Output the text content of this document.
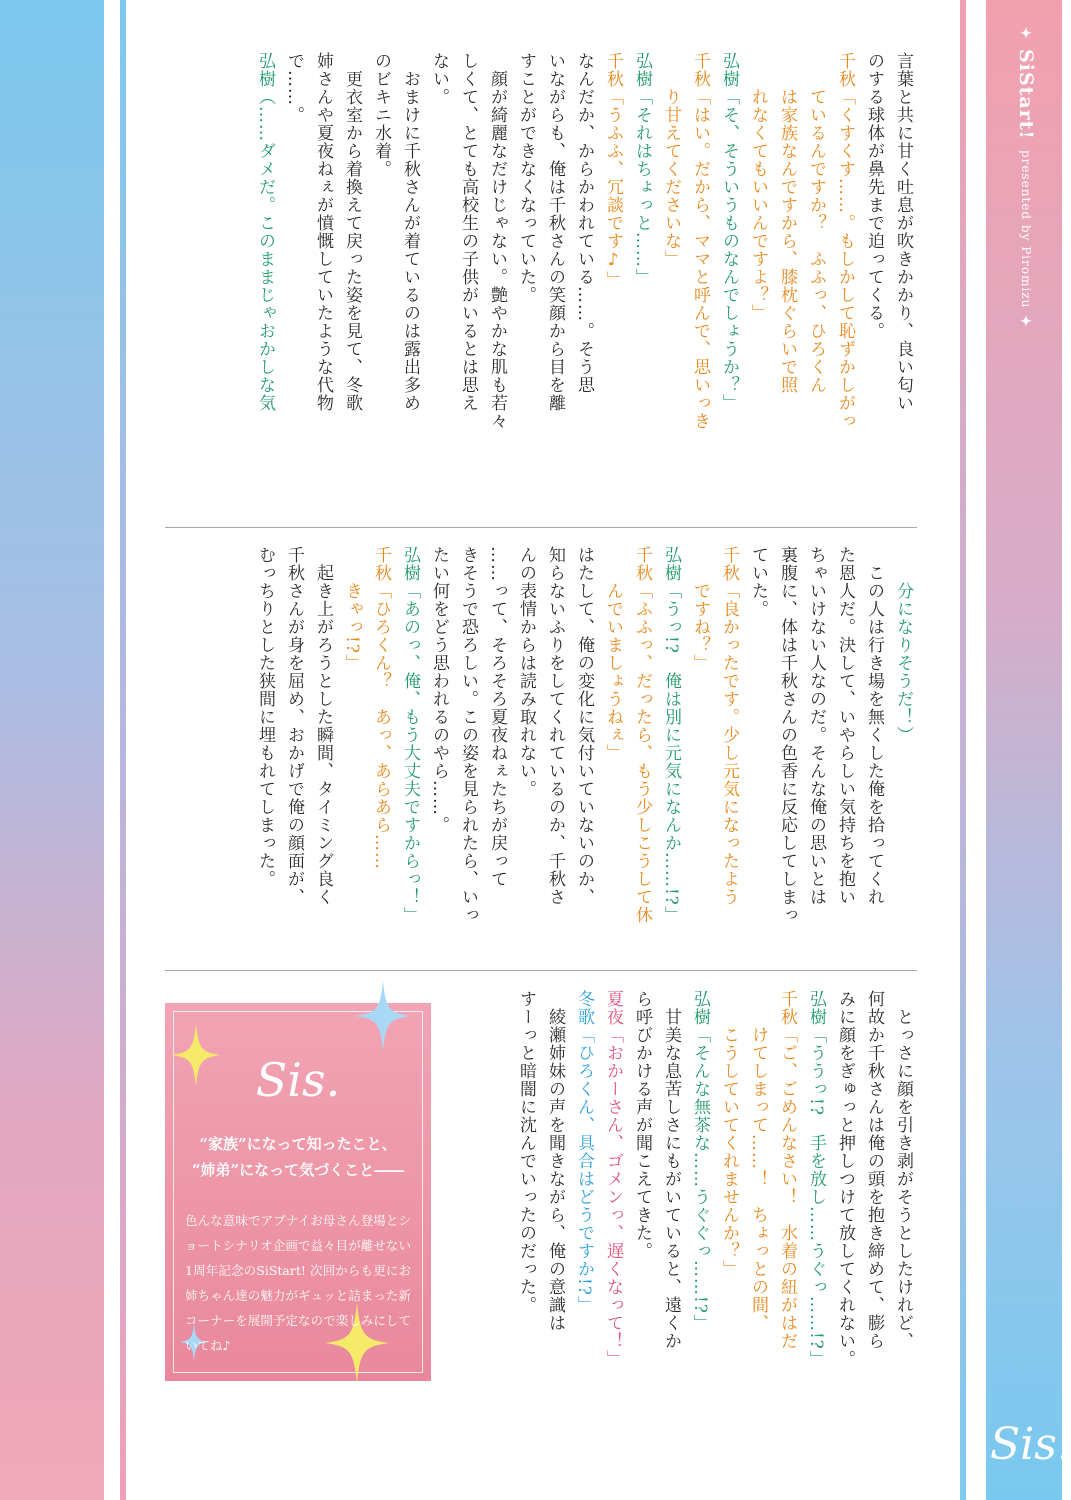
✦
SiStart!
presented by Piromizu
✦
Sis.

言葉と共に甘く吐息が吹きかかり、良い匂い

のする球体が鼻先まで迫ってくる。

千秋「くすくす……。もしかして恥ずかしがっ

　　ているんですか？　ふふっ、ひろくん

　　は家族なんですから、膝枕ぐらいで照

　　れなくてもいいんですよ？」

弘樹「そ、そういうものなんでしょうか？」

千秋「はい。だから、ママと呼んで、思いっき

　　り甘えてくださいな」

弘樹「それはちょっと……」

千秋「うふふ、冗談です♪」

なんだか、からかわれている……。そう思

いながらも、俺は千秋さんの笑顔から目を離

すことができなくなっていた。

　顔が綺麗なだけじゃない。艶やかな肌も若々

しくて、とても高校生の子供がいるとは思え

ない。

　おまけに千秋さんが着ているのは露出多め

のビキニ水着。

　更衣室から着換えて戻った姿を見て、冬歌

姉さんや夏夜ねぇが憤慨していたような代物

で……。

弘樹（……ダメだ。このままじゃおかしな気

　　分になりそうだ！）

　この人は行き場を無くした俺を拾ってくれ

た恩人だ。決して、いやらしい気持ちを抱い

ちゃいけない人なのだ。そんな俺の思いとは

裏腹に、体は千秋さんの色香に反応してしまっ

ていた。

千秋「良かったです。少し元気になったよう

　　ですね？」

弘樹「うっ!?　俺は別に元気になんか……!?」

千秋「ふふっ、だったら、もう少しこうして休

　　んでいましょうねぇ」

はたして、俺の変化に気付いていないのか、

知らないふりをしてくれているのか、千秋さ

んの表情からは読み取れない。

……って、そろそろ夏夜ねぇたちが戻って

きそうで恐ろしい。この姿を見られたら、いっ

たい何をどう思われるのやら……。

弘樹「あのっ、俺、もう大丈夫ですからっ！」

千秋「ひろくん？　あっ、あらあら……

　　きゃっ!?」

　起き上がろうとした瞬間、タイミング良く

千秋さんが身を屈め、おかげで俺の顔面が、

むっちりとした狭間に埋もれてしまった。

　とっさに顔を引き剥がそうとしたけれど、

何故か千秋さんは俺の頭を抱き締めて、膨ら

みに顔をぎゅっと押しつけて放してくれない。

弘樹「ううっ!?　手を放し……うぐっ……!?」

千秋「ご、ごめんなさい！　水着の紐がはだ

　　けてしまって……！　ちょっとの間、

　　こうしていてくれませんか？」

弘樹「そんな無茶な……うぐぐっ……!?」

　甘美な息苦しさにもがいていると、遠くか

ら呼びかける声が聞こえてきた。

夏夜「おかーさん、ゴメンっ、遅くなって！」

冬歌「ひろくん、具合はどうですか!?」

　綾瀬姉妹の声を聞きながら、俺の意識は

すーっと暗闇に沈んでいったのだった。

Sis.
“家族”になって知ったこと、
“姉弟”になって気づくこと――
色んな意味でアブナイお母さん登場とショートシナリオ企画で益々目が離せない1周年記念のSiStart! 次回からも更にお姉ちゃん達の魅力がギュッと詰まった新コーナーを展開予定なので楽しみにしていてね♪
